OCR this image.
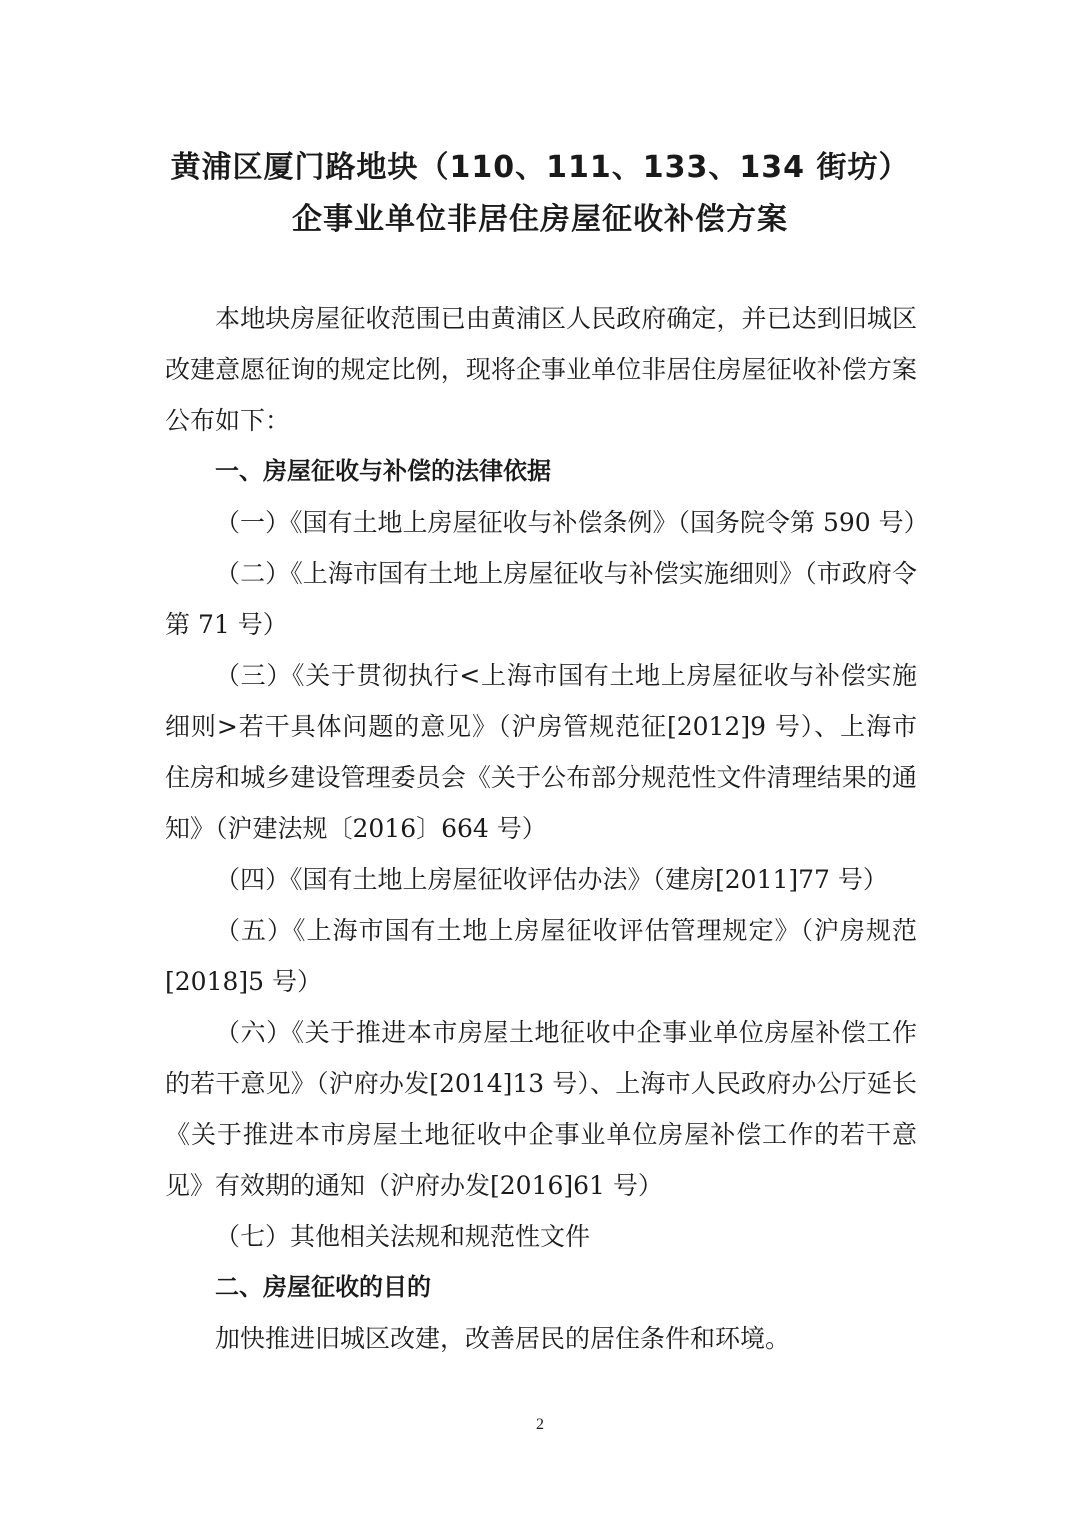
黄浦区厦门路地块（110、111、133、134 街坊）
企事业单位非居住房屋征收补偿方案

本地块房屋征收范围已由黄浦区人民政府确定，并已达到旧城区改建意愿征询的规定比例，现将企事业单位非居住房屋征收补偿方案公布如下：

一、房屋征收与补偿的法律依据

（一）《国有土地上房屋征收与补偿条例》（国务院令第 590 号）

（二）《上海市国有土地上房屋征收与补偿实施细则》（市政府令第 71 号）

（三）《关于贯彻执行<上海市国有土地上房屋征收与补偿实施细则>若干具体问题的意见》（沪房管规范征[2012]9 号）、上海市住房和城乡建设管理委员会《关于公布部分规范性文件清理结果的通知》（沪建法规〔2016〕664 号）

（四）《国有土地上房屋征收评估办法》（建房[2011]77 号）

（五）《上海市国有土地上房屋征收评估管理规定》（沪房规范[2018]5 号）

（六）《关于推进本市房屋土地征收中企事业单位房屋补偿工作的若干意见》（沪府办发[2014]13 号）、上海市人民政府办公厅延长《关于推进本市房屋土地征收中企事业单位房屋补偿工作的若干意见》有效期的通知（沪府办发[2016]61 号）

（七）其他相关法规和规范性文件

二、房屋征收的目的

加快推进旧城区改建，改善居民的居住条件和环境。

2
